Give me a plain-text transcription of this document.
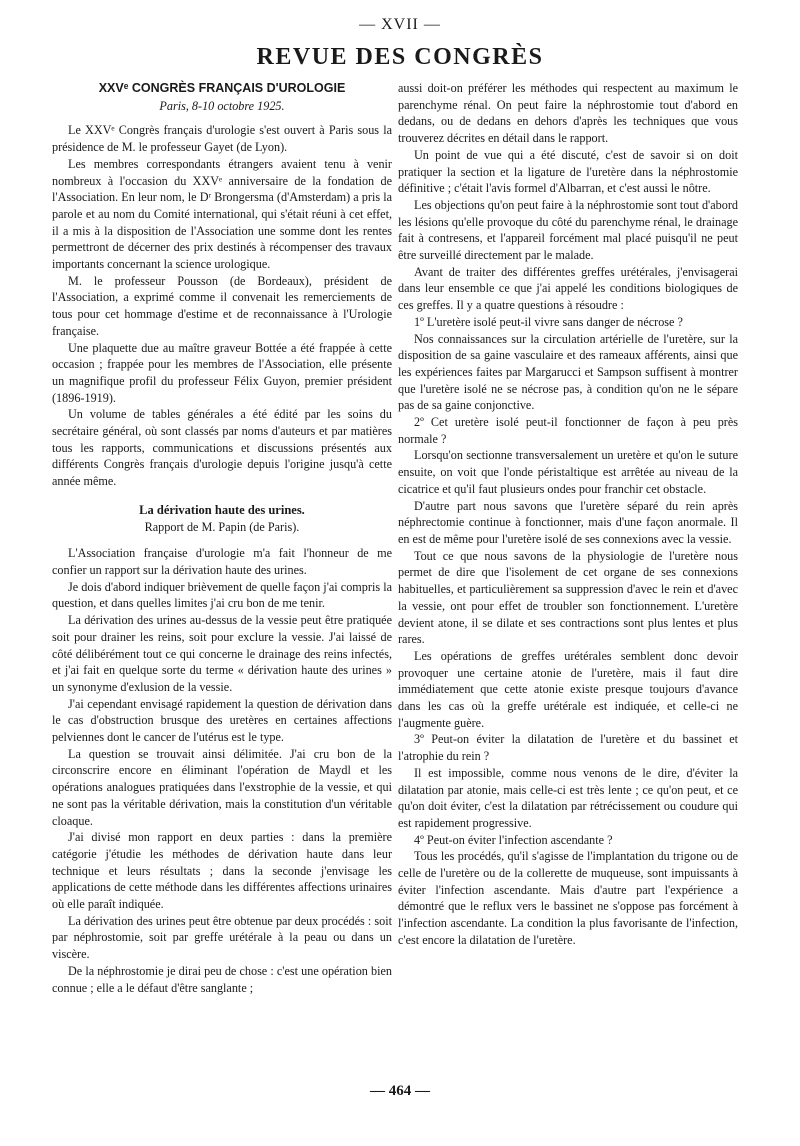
— XVII —
REVUE DES CONGRÈS
XXVᵉ CONGRÈS FRANÇAIS D'UROLOGIE
Paris, 8-10 octobre 1925.

Le XXVᵉ Congrès français d'urologie s'est ouvert à Paris sous la présidence de M. le professeur Gayet (de Lyon).

Les membres correspondants étrangers avaient tenu à venir nombreux à l'occasion du XXVᵉ anniversaire de la fondation de l'Association. En leur nom, le Dʳ Brongersma (d'Amsterdam) a pris la parole et au nom du Comité international, qui s'était réuni à cet effet, il a mis à la disposition de l'Association une somme dont les rentes permettront de décerner des prix destinés à récompenser des travaux importants concernant la science urologique.

M. le professeur Pousson (de Bordeaux), président de l'Association, a exprimé comme il convenait les remerciements de tous pour cet hommage d'estime et de reconnaissance à l'Urologie française.

Une plaquette due au maître graveur Bottée a été frappée à cette occasion ; frappée pour les membres de l'Association, elle présente un magnifique profil du professeur Félix Guyon, premier président (1896-1919).

Un volume de tables générales a été édité par les soins du secrétaire général, où sont classés par noms d'auteurs et par matières tous les rapports, communications et discussions présentés aux différents Congrès français d'urologie depuis l'origine jusqu'à cette année même.

La dérivation haute des urines.
Rapport de M. Papin (de Paris).

L'Association française d'urologie m'a fait l'honneur de me confier un rapport sur la dérivation haute des urines.

Je dois d'abord indiquer brièvement de quelle façon j'ai compris la question, et dans quelles limites j'ai cru bon de me tenir.

La dérivation des urines au-dessus de la vessie peut être pratiquée soit pour drainer les reins, soit pour exclure la vessie. J'ai laissé de côté délibérément tout ce qui concerne le drainage des reins infectés, et j'ai fait en quelque sorte du terme « dérivation haute des urines » un synonyme d'exlusion de la vessie.

J'ai cependant envisagé rapidement la question de dérivation dans le cas d'obstruction brusque des uretères en certaines affections pelviennes dont le cancer de l'utérus est le type.

La question se trouvait ainsi délimitée. J'ai cru bon de la circonscrire encore en éliminant l'opération de Maydl et les opérations analogues pratiquées dans l'exstrophie de la vessie, et qui ne sont pas la véritable dérivation, mais la constitution d'un véritable cloaque.

J'ai divisé mon rapport en deux parties : dans la première catégorie j'étudie les méthodes de dérivation haute dans leur technique et leurs résultats ; dans la seconde j'envisage les applications de cette méthode dans les différentes affections urinaires où elle paraît indiquée.

La dérivation des urines peut être obtenue par deux procédés : soit par néphrostomie, soit par greffe urétérale à la peau ou dans un viscère.

De la néphrostomie je dirai peu de chose : c'est une opération bien connue ; elle a le défaut d'être sanglante ;

aussi doit-on préférer les méthodes qui respectent au maximum le parenchyme rénal. On peut faire la néphrostomie tout d'abord en dedans, ou de dedans en dehors d'après les techniques que vous trouverez décrites en détail dans le rapport.

Un point de vue qui a été discuté, c'est de savoir si on doit pratiquer la section et la ligature de l'uretère dans la néphrostomie définitive ; c'était l'avis formel d'Albarran, et c'est aussi le nôtre.

Les objections qu'on peut faire à la néphrostomie sont tout d'abord les lésions qu'elle provoque du côté du parenchyme rénal, le drainage fait à contresens, et l'appareil forcément mal placé puisqu'il ne peut être surveillé directement par le malade.

Avant de traiter des différentes greffes urétérales, j'envisagerai dans leur ensemble ce que j'ai appelé les conditions biologiques de ces greffes. Il y a quatre questions à résoudre :

1º L'uretère isolé peut-il vivre sans danger de nécrose ?

Nos connaissances sur la circulation artérielle de l'uretère, sur la disposition de sa gaine vasculaire et des rameaux afférents, ainsi que les expériences faites par Margarucci et Sampson suffisent à montrer que l'uretère isolé ne se nécrose pas, à condition qu'on ne le sépare pas de sa gaine conjonctive.

2º Cet uretère isolé peut-il fonctionner de façon à peu près normale ?

Lorsqu'on sectionne transversalement un uretère et qu'on le suture ensuite, on voit que l'onde péristaltique est arrêtée au niveau de la cicatrice et qu'il faut plusieurs ondes pour franchir cet obstacle.

D'autre part nous savons que l'uretère séparé du rein après néphrectomie continue à fonctionner, mais d'une façon anormale. Il en est de même pour l'uretère isolé de ses connexions avec la vessie.

Tout ce que nous savons de la physiologie de l'uretère nous permet de dire que l'isolement de cet organe de ses connexions habituelles, et particulièrement sa suppression d'avec le rein et d'avec la vessie, ont pour effet de troubler son fonctionnement. L'uretère devient atone, il se dilate et ses contractions sont plus lentes et plus rares.

Les opérations de greffes urétérales semblent donc devoir provoquer une certaine atonie de l'uretère, mais il faut dire immédiatement que cette atonie existe presque toujours d'avance dans les cas où la greffe urétérale est indiquée, et celle-ci ne l'augmente guère.

3º Peut-on éviter la dilatation de l'uretère et du bassinet et l'atrophie du rein ?

Il est impossible, comme nous venons de le dire, d'éviter la dilatation par atonie, mais celle-ci est très lente ; ce qu'on peut, et ce qu'on doit éviter, c'est la dilatation par rétrécissement ou coudure qui est rapidement progressive.

4º Peut-on éviter l'infection ascendante ?

Tous les procédés, qu'il s'agisse de l'implantation du trigone ou de celle de l'uretère ou de la collerette de muqueuse, sont impuissants à éviter l'infection ascendante. Mais d'autre part l'expérience a démontré que le reflux vers le bassinet ne s'oppose pas forcément à l'infection ascendante. La condition la plus favorisante de l'infection, c'est encore la dilatation de l'uretère.

— 464 —
